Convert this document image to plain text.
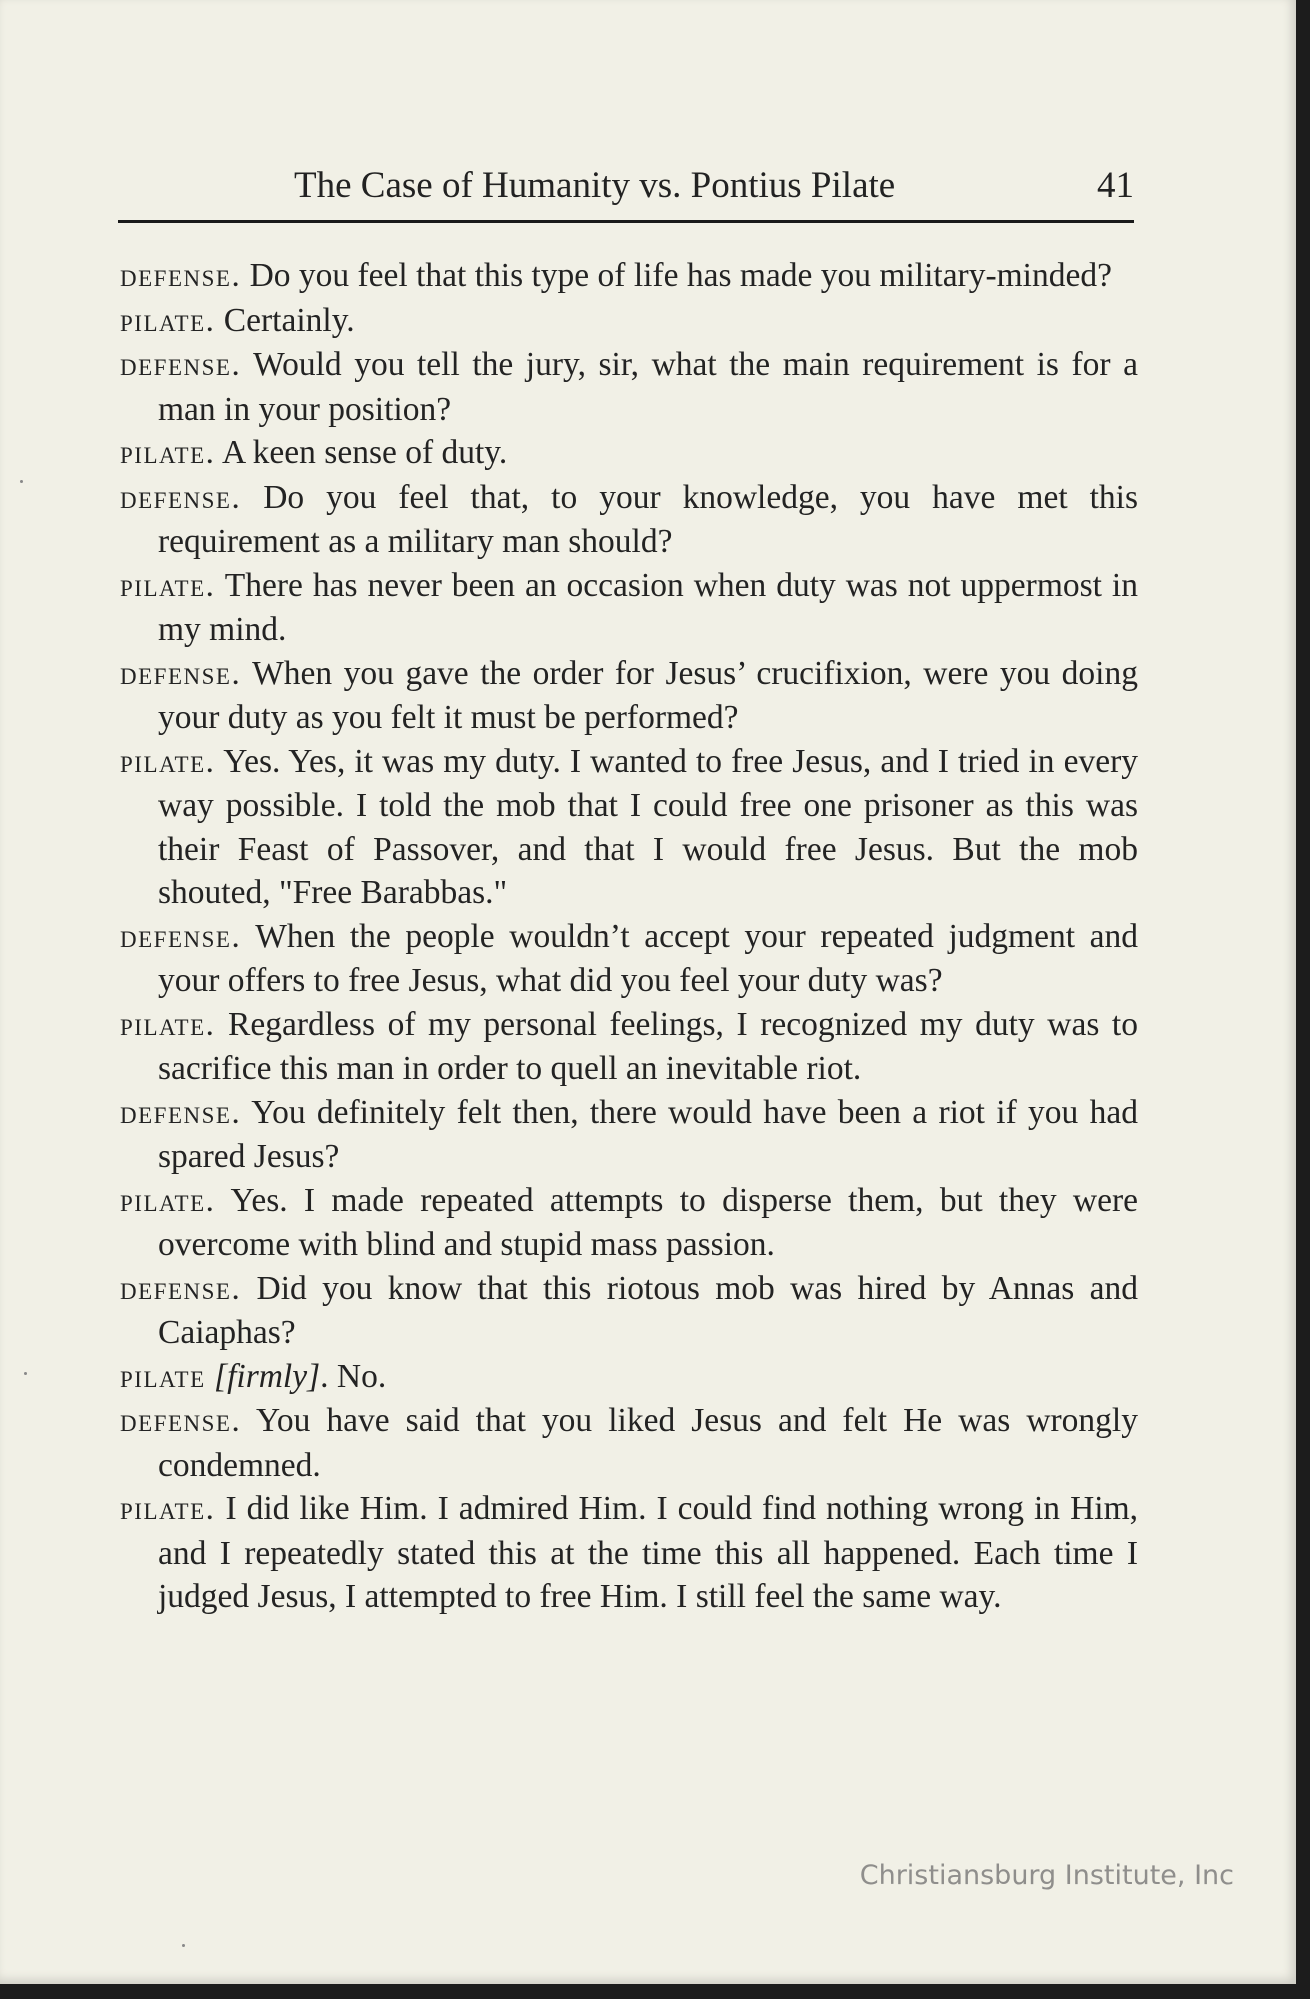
The Case of Humanity vs. Pontius Pilate	41

defense. Do you feel that this type of life has made you military-minded?

pilate. Certainly.

defense. Would you tell the jury, sir, what the main requirement is for a man in your position?

pilate. A keen sense of duty.

defense. Do you feel that, to your knowledge, you have met this requirement as a military man should?

pilate. There has never been an occasion when duty was not uppermost in my mind.

defense. When you gave the order for Jesus’ crucifixion, were you doing your duty as you felt it must be performed?

pilate. Yes. Yes, it was my duty. I wanted to free Jesus, and I tried in every way possible. I told the mob that I could free one prisoner as this was their Feast of Passover, and that I would free Jesus. But the mob shouted, "Free Barabbas."

defense. When the people wouldn’t accept your repeated judgment and your offers to free Jesus, what did you feel your duty was?

pilate. Regardless of my personal feelings, I recognized my duty was to sacrifice this man in order to quell an inevitable riot.

defense. You definitely felt then, there would have been a riot if you had spared Jesus?

pilate. Yes. I made repeated attempts to disperse them, but they were overcome with blind and stupid mass passion.

defense. Did you know that this riotous mob was hired by Annas and Caiaphas?

pilate [firmly]. No.

defense. You have said that you liked Jesus and felt He was wrongly condemned.

pilate. I did like Him. I admired Him. I could find nothing wrong in Him, and I repeatedly stated this at the time this all happened. Each time I judged Jesus, I attempted to free Him. I still feel the same way.

Christiansburg Institute, Inc
